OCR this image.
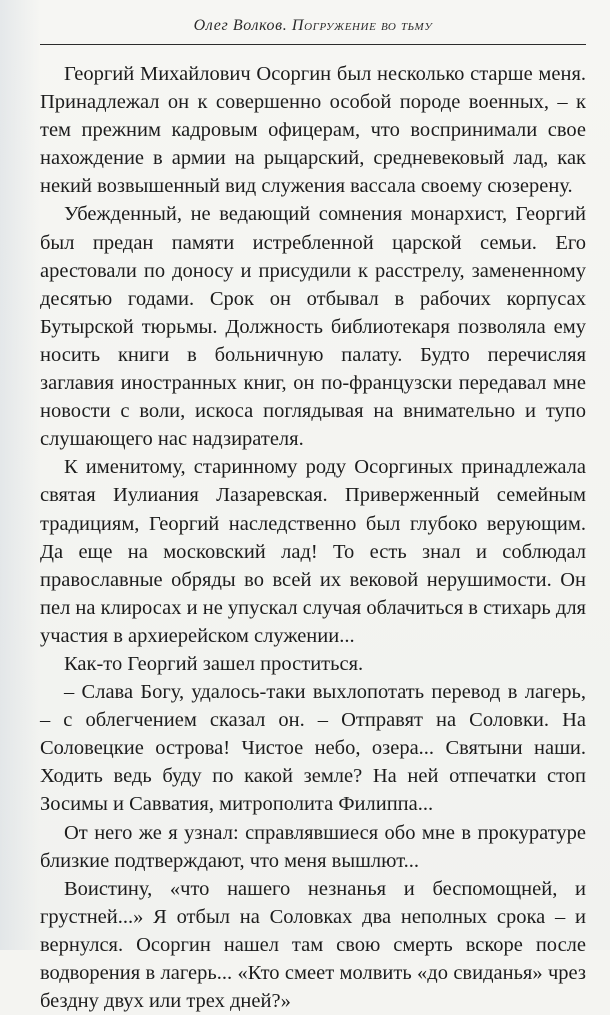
Олег Волков. Погружение во тьму

Георгий Михайлович Осоргин был несколько старше меня. Принадлежал он к совершенно особой породе военных, – к тем прежним кадровым офицерам, что воспринимали свое нахождение в армии на рыцарский, средневековый лад, как некий возвышенный вид служения вассала своему сюзерену.

Убежденный, не ведающий сомнения монархист, Георгий был предан памяти истребленной царской семьи. Его арестовали по доносу и присудили к расстрелу, замененному десятью годами. Срок он отбывал в рабочих корпусах Бутырской тюрьмы. Должность библиотекаря позволяла ему носить книги в больничную палату. Будто перечисляя заглавия иностранных книг, он по-французски передавал мне новости с воли, искоса поглядывая на внимательно и тупо слушающего нас надзирателя.

К именитому, старинному роду Осоргиных принадлежала святая Иулиания Лазаревская. Приверженный семейным традициям, Георгий наследственно был глубоко верующим. Да еще на московский лад! То есть знал и соблюдал православные обряды во всей их вековой нерушимости. Он пел на клиросах и не упускал случая облачиться в стихарь для участия в архиерейском служении...

Как-то Георгий зашел проститься.

– Слава Богу, удалось-таки выхлопотать перевод в лагерь, – с облегчением сказал он. – Отправят на Соловки. На Соловецкие острова! Чистое небо, озера... Святыни наши. Ходить ведь буду по какой земле? На ней отпечатки стоп Зосимы и Савватия, митрополита Филиппа...

От него же я узнал: справлявшиеся обо мне в прокуратуре близкие подтверждают, что меня вышлют...

Воистину, «что нашего незнанья и беспомощней, и грустней...» Я отбыл на Соловках два неполных срока – и вернулся. Осоргин нашел там свою смерть вскоре после водворения в лагерь... «Кто смеет молвить «до свиданья» чрез бездну двух или трех дней?»
